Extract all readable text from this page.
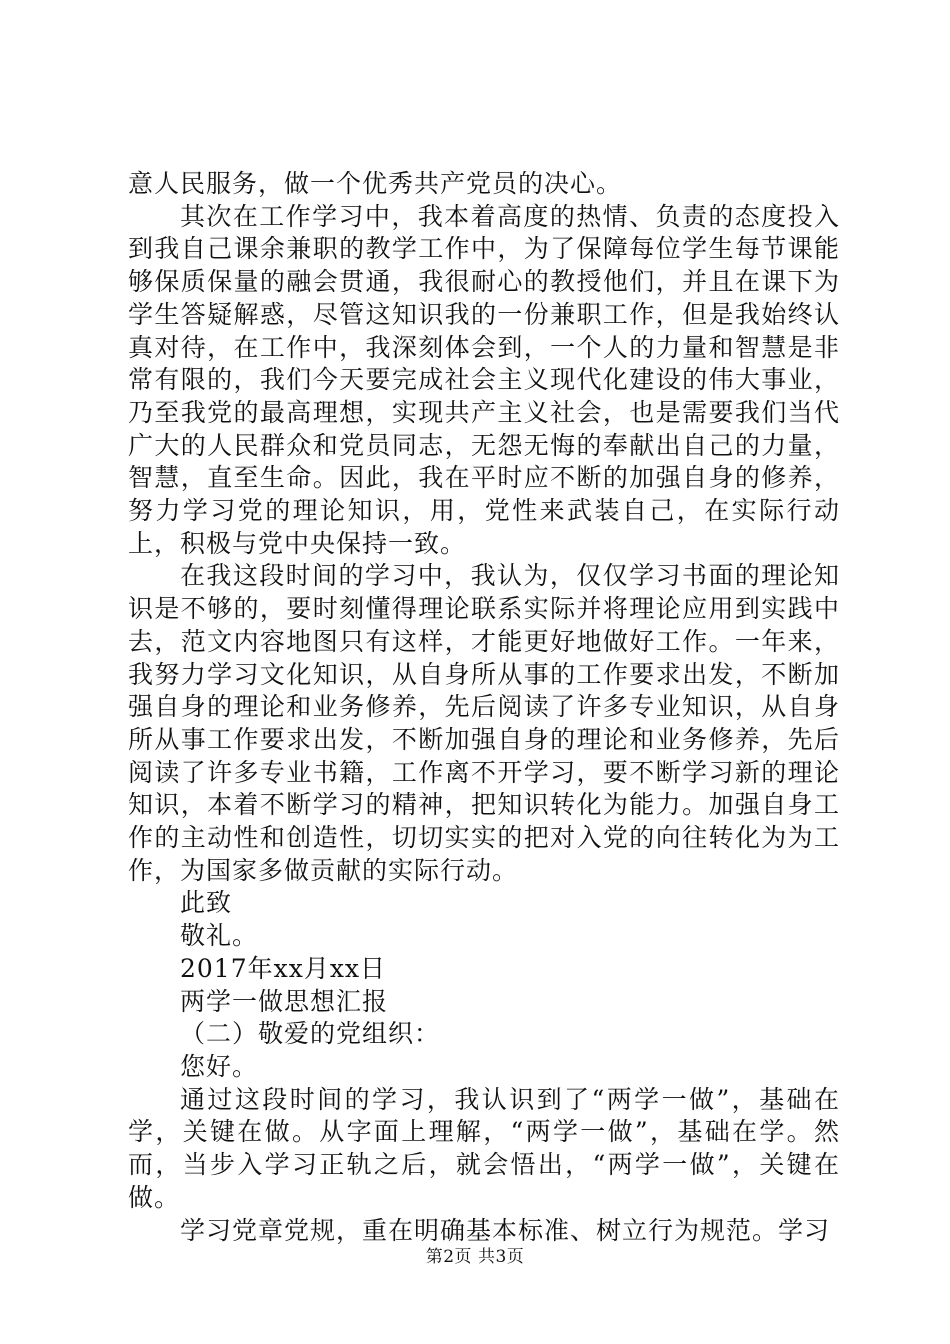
意人民服务，做一个优秀共产党员的决心。

其次在工作学习中，我本着高度的热情、负责的态度投入到我自己课余兼职的教学工作中，为了保障每位学生每节课能够保质保量的融会贯通，我很耐心的教授他们，并且在课下为学生答疑解惑，尽管这知识我的一份兼职工作，但是我始终认真对待，在工作中，我深刻体会到，一个人的力量和智慧是非常有限的，我们今天要完成社会主义现代化建设的伟大事业，乃至我党的最高理想，实现共产主义社会，也是需要我们当代广大的人民群众和党员同志，无怨无悔的奉献出自己的力量，智慧，直至生命。因此，我在平时应不断的加强自身的修养，努力学习党的理论知识，用，党性来武装自己，在实际行动上，积极与党中央保持一致。

在我这段时间的学习中，我认为，仅仅学习书面的理论知识是不够的，要时刻懂得理论联系实际并将理论应用到实践中去，范文内容地图只有这样，才能更好地做好工作。一年来，我努力学习文化知识，从自身所从事的工作要求出发，不断加强自身的理论和业务修养，先后阅读了许多专业知识，从自身所从事工作要求出发，不断加强自身的理论和业务修养，先后阅读了许多专业书籍，工作离不开学习，要不断学习新的理论知识，本着不断学习的精神，把知识转化为能力。加强自身工作的主动性和创造性，切切实实的把对入党的向往转化为为工作，为国家多做贡献的实际行动。

此致

敬礼。

2017年xx月xx日

两学一做思想汇报

（二）敬爱的党组织：

您好。

通过这段时间的学习，我认识到了“两学一做”，基础在学，关键在做。从字面上理解，“两学一做”，基础在学。然而，当步入学习正轨之后，就会悟出，“两学一做”，关键在做。

学习党章党规，重在明确基本标准、树立行为规范。学习

第2页 共3页
